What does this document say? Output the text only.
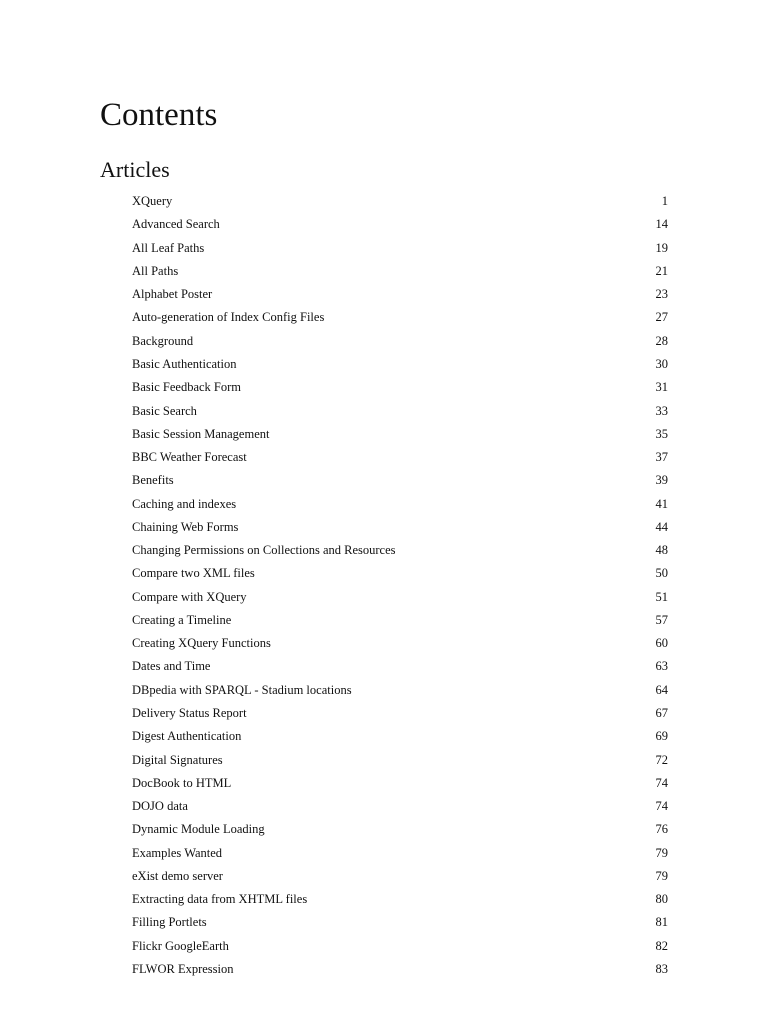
Contents
Articles
XQuery	1
Advanced Search	14
All Leaf Paths	19
All Paths	21
Alphabet Poster	23
Auto-generation of Index Config Files	27
Background	28
Basic Authentication	30
Basic Feedback Form	31
Basic Search	33
Basic Session Management	35
BBC Weather Forecast	37
Benefits	39
Caching and indexes	41
Chaining Web Forms	44
Changing Permissions on Collections and Resources	48
Compare two XML files	50
Compare with XQuery	51
Creating a Timeline	57
Creating XQuery Functions	60
Dates and Time	63
DBpedia with SPARQL - Stadium locations	64
Delivery Status Report	67
Digest Authentication	69
Digital Signatures	72
DocBook to HTML	74
DOJO data	74
Dynamic Module Loading	76
Examples Wanted	79
eXist demo server	79
Extracting data from XHTML files	80
Filling Portlets	81
Flickr GoogleEarth	82
FLWOR Expression	83
